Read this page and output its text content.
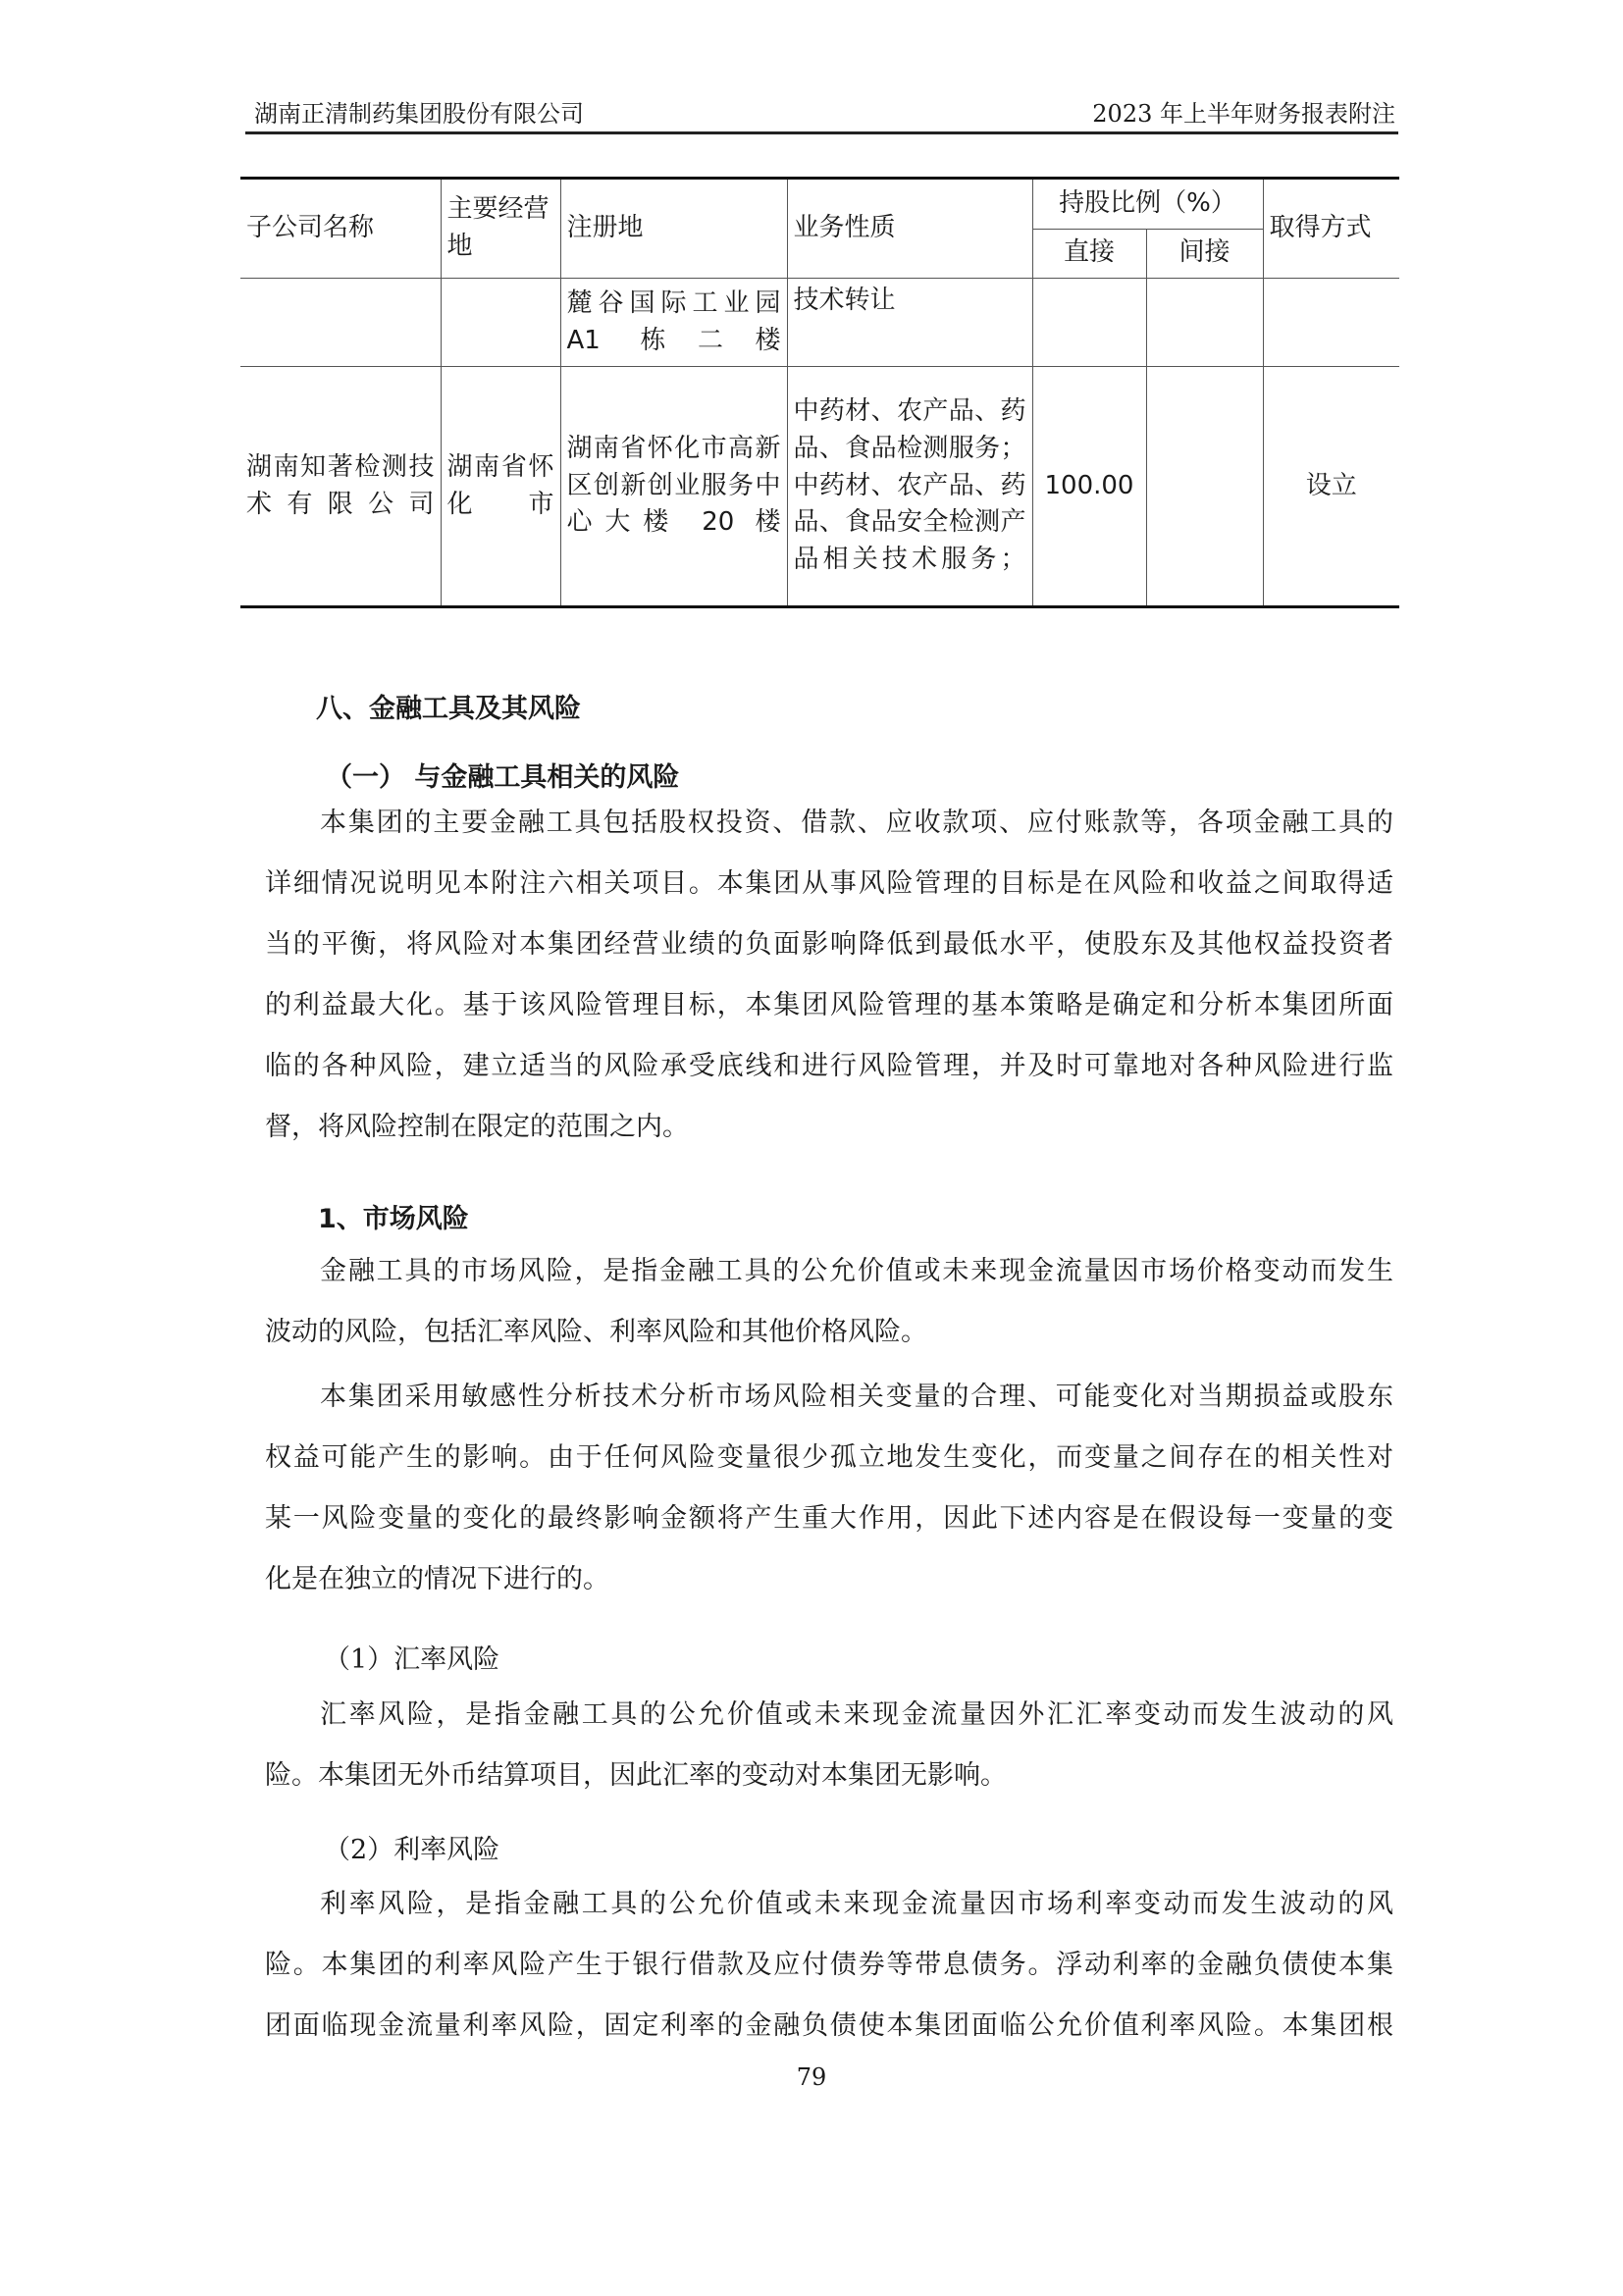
湖南正清制药集团股份有限公司	2023 年上半年财务报表附注
子公司名称	主要经营地	注册地	业务性质	持股比例（%）		取得方式
				直接	间接	
		麓谷国际工业园 A1 栋二楼	技术转让			
湖南知著检测技术有限公司	湖南省怀化市	湖南省怀化市高新区创新创业服务中心大楼 20 楼	中药材、农产品、药品、食品检测服务；中药材、农产品、药品、食品安全检测产品相关技术服务；	100.00		设立
八、金融工具及其风险
（一） 与金融工具相关的风险
本集团的主要金融工具包括股权投资、借款、应收款项、应付账款等，各项金融工具的
详细情况说明见本附注六相关项目。本集团从事风险管理的目标是在风险和收益之间取得适
当的平衡，将风险对本集团经营业绩的负面影响降低到最低水平，使股东及其他权益投资者
的利益最大化。基于该风险管理目标，本集团风险管理的基本策略是确定和分析本集团所面
临的各种风险，建立适当的风险承受底线和进行风险管理，并及时可靠地对各种风险进行监
督，将风险控制在限定的范围之内。
1、市场风险
金融工具的市场风险，是指金融工具的公允价值或未来现金流量因市场价格变动而发生
波动的风险，包括汇率风险、利率风险和其他价格风险。
本集团采用敏感性分析技术分析市场风险相关变量的合理、可能变化对当期损益或股东
权益可能产生的影响。由于任何风险变量很少孤立地发生变化，而变量之间存在的相关性对
某一风险变量的变化的最终影响金额将产生重大作用，因此下述内容是在假设每一变量的变
化是在独立的情况下进行的。
（1）汇率风险
汇率风险，是指金融工具的公允价值或未来现金流量因外汇汇率变动而发生波动的风
险。本集团无外币结算项目，因此汇率的变动对本集团无影响。
（2）利率风险
利率风险，是指金融工具的公允价值或未来现金流量因市场利率变动而发生波动的风
险。本集团的利率风险产生于银行借款及应付债券等带息债务。浮动利率的金融负债使本集
团面临现金流量利率风险，固定利率的金融负债使本集团面临公允价值利率风险。本集团根
79
